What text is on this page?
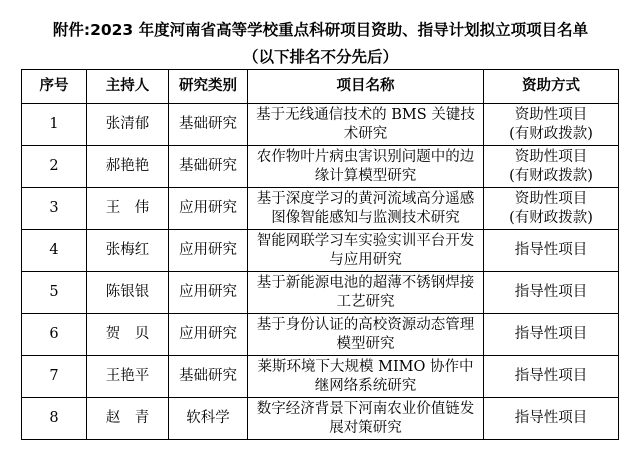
附件:2023 年度河南省高等学校重点科研项目资助、指导计划拟立项项目名单
（以下排名不分先后）
序号	主持人	研究类别	项目名称	资助方式
1	张清郁	基础研究	基于无线通信技术的 BMS 关键技术研究	资助性项目
(有财政拨款)
2	郝艳艳	基础研究	农作物叶片病虫害识别问题中的边缘计算模型研究	资助性项目
(有财政拨款)
3	王　伟	应用研究	基于深度学习的黄河流域高分遥感图像智能感知与监测技术研究	资助性项目
(有财政拨款)
4	张梅红	应用研究	智能网联学习车实验实训平台开发与应用研究	指导性项目
5	陈银银	应用研究	基于新能源电池的超薄不锈钢焊接工艺研究	指导性项目
6	贺　贝	应用研究	基于身份认证的高校资源动态管理模型研究	指导性项目
7	王艳平	基础研究	莱斯环境下大规模 MIMO 协作中继网络系统研究	指导性项目
8	赵　青	软科学	数字经济背景下河南农业价值链发展对策研究	指导性项目
